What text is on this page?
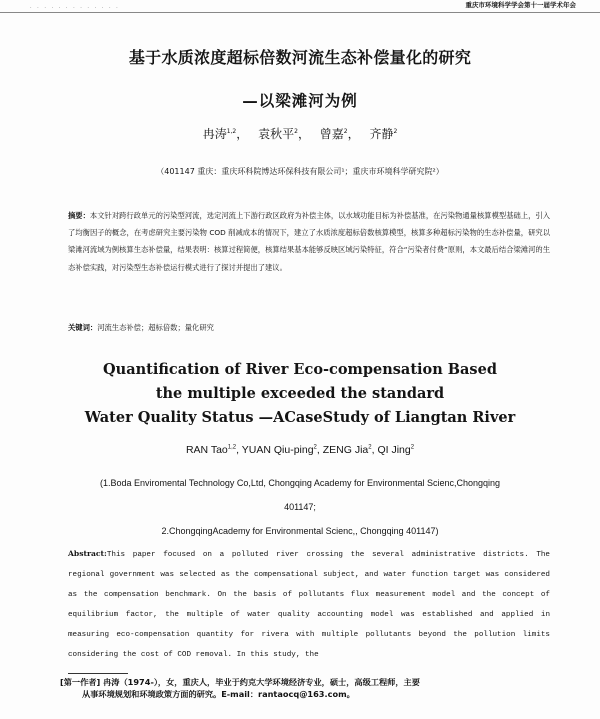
· · · · · · · · · · · · ·	重庆市环境科学学会第十一届学术年会
基于水质浓度超标倍数河流生态补偿量化的研究
—以梁滩河为例
冉涛$^{1,2}$， 袁秋平$^2$， 曾嘉$^2$， 齐静$^2$
（401147 重庆：重庆环科院博达环保科技有限公司¹；重庆市环境科学研究院²）
摘要：本文针对跨行政单元的污染型河流，选定河流上下游行政区政府为补偿主体，以水域功能目标为补偿基准，在污染物通量核算模型基础上，引入了均衡因子的概念，在考虑研究主要污染物 COD 削减成本的情况下，建立了水质浓度超标倍数核算模型，核算多种超标污染物的生态补偿量，研究以梁滩河流域为例核算生态补偿量，结果表明：核算过程简便，核算结果基本能够反映区域污染特征，符合“污染者付费”原则，本文最后结合梁滩河的生态补偿实践，对污染型生态补偿运行模式进行了探讨并提出了建议。
关键词：河流生态补偿；超标倍数；量化研究
Quantification of River Eco-compensation Based
the multiple exceeded the standard
Water Quality Status —ACaseStudy of Liangtan River
RAN Tao$^{1,2}$, YUAN Qiu-ping$^2$, ZENG Jia$^2$, QI Jing$^2$
(1.Boda Enviromental Technology Co,Ltd, Chongqing Academy for Environmental Scienc,Chongqing
401147;
2.ChongqingAcademy for Environmental Scienc,, Chongqing 401147)
Abstract:This paper focused on a polluted river crossing the several administrative districts. The regional government was selected as the compensational subject, and water function target was considered as the compensation benchmark. On the basis of pollutants flux measurement model and the concept of equilibrium factor, the multiple of water quality accounting model was established and applied in measuring eco-compensation quantity for rivera with multiple pollutants beyond the pollution limits considering the cost of COD removal. In this study, the
[第一作者] 冉涛（1974-），女，重庆人，毕业于约克大学环境经济专业，硕士，高级工程师，主要
从事环境规划和环境政策方面的研究。E-mail：rantaocq@163.com。
